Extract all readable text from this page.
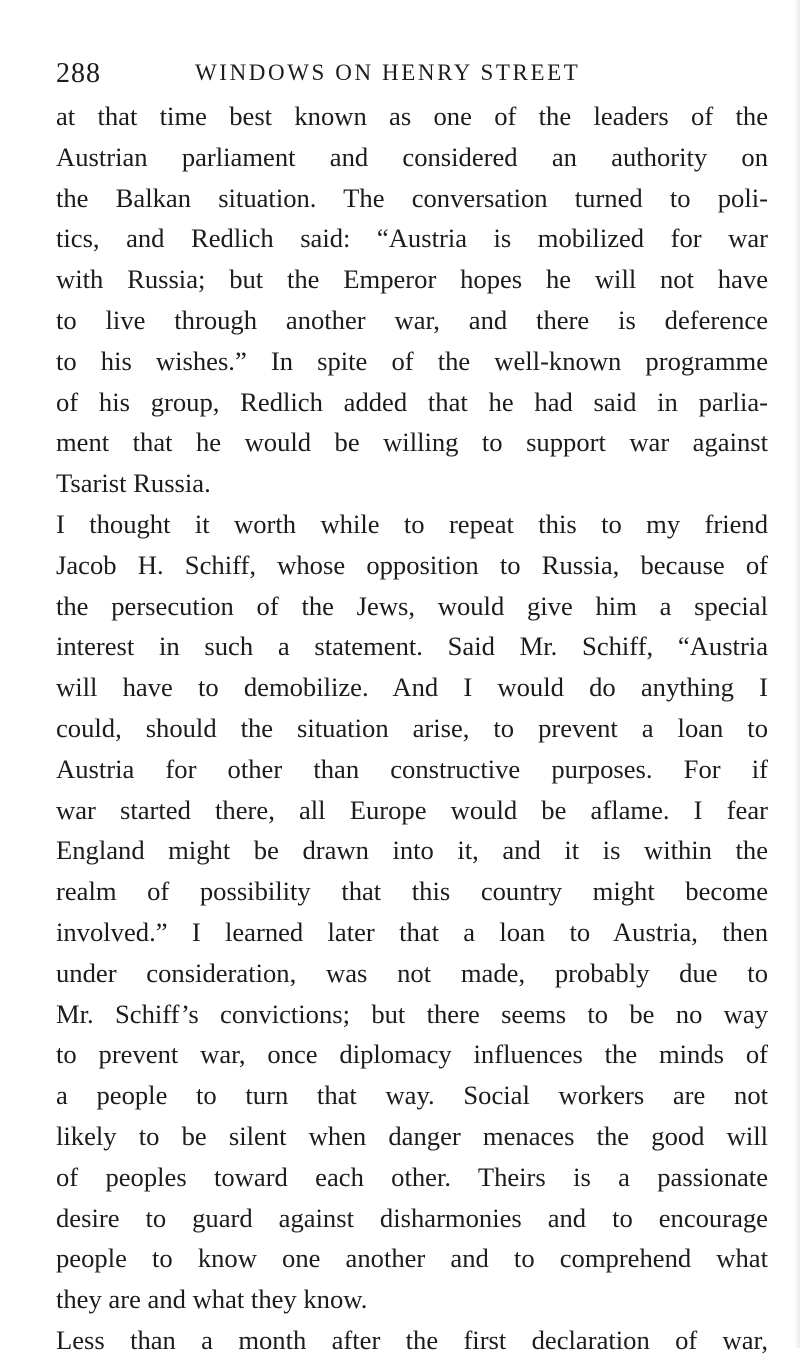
288	WINDOWS ON HENRY STREET
at that time best known as one of the leaders of the
Austrian parliament and considered an authority on
the Balkan situation. The conversation turned to poli-
tics, and Redlich said: “Austria is mobilized for war
with Russia; but the Emperor hopes he will not have
to live through another war, and there is deference
to his wishes.” In spite of the well-known programme
of his group, Redlich added that he had said in parlia-
ment that he would be willing to support war against
Tsarist Russia.
I thought it worth while to repeat this to my friend
Jacob H. Schiff, whose opposition to Russia, because of
the persecution of the Jews, would give him a special
interest in such a statement. Said Mr. Schiff, “Austria
will have to demobilize. And I would do anything I
could, should the situation arise, to prevent a loan to
Austria for other than constructive purposes. For if
war started there, all Europe would be aflame. I fear
England might be drawn into it, and it is within the
realm of possibility that this country might become
involved.” I learned later that a loan to Austria, then
under consideration, was not made, probably due to
Mr. Schiff’s convictions; but there seems to be no way
to prevent war, once diplomacy influences the minds of
a people to turn that way. Social workers are not
likely to be silent when danger menaces the good will
of peoples toward each other. Theirs is a passionate
desire to guard against disharmonies and to encourage
people to know one another and to comprehend what
they are and what they know.
Less than a month after the first declaration of war,
